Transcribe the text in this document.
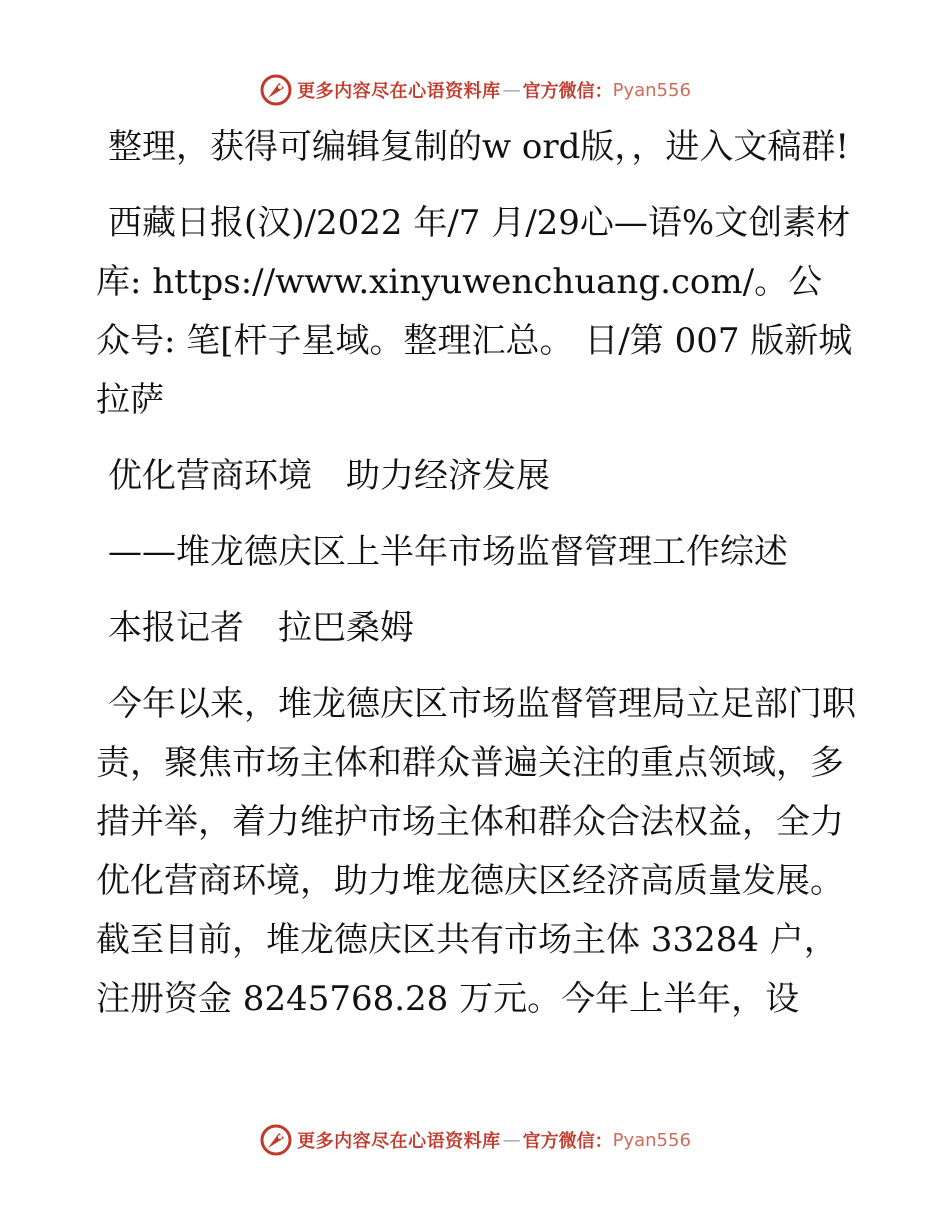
更多内容尽在心语资料库 — 官方微信： Pyan556

整理，获得可编辑复制的w ord版，，进入文稿群!

西藏日报(汉)/2022 年/7 月/29心—语%文创素材库: https://www.xinyuwenchuang.com/。公众号: 笔[杆子星域。整理汇总。 日/第 007 版新城拉萨

优化营商环境　助力经济发展

——堆龙德庆区上半年市场监督管理工作综述

本报记者　拉巴桑姆

今年以来，堆龙德庆区市场监督管理局立足部门职责，聚焦市场主体和群众普遍关注的重点领域，多措并举，着力维护市场主体和群众合法权益，全力优化营商环境，助力堆龙德庆区经济高质量发展。截至目前，堆龙德庆区共有市场主体 33284 户，注册资金 8245768.28 万元。今年上半年，设

更多内容尽在心语资料库 — 官方微信： Pyan556
